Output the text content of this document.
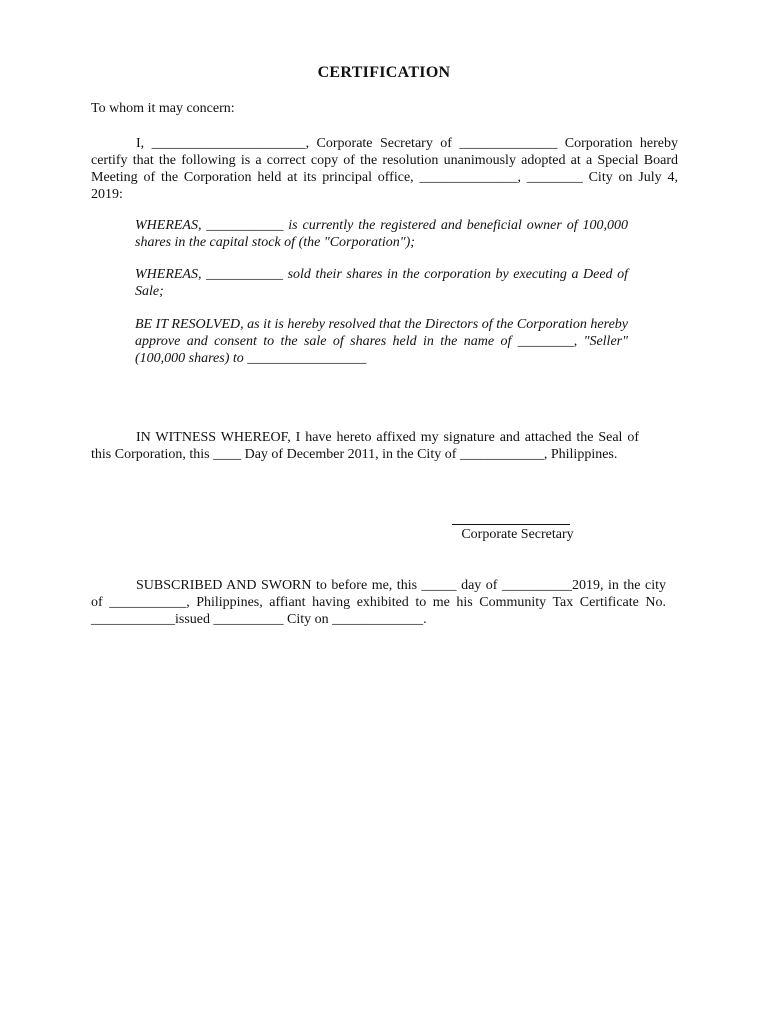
CERTIFICATION
To whom it may concern:
I, ______________________, Corporate Secretary of ______________ Corporation hereby certify that the following is a correct copy of the resolution unanimously adopted at a Special Board Meeting of the Corporation held at its principal office, ______________, ________ City on July 4, 2019:
WHEREAS, ___________ is currently the registered and beneficial owner of 100,000 shares in the capital stock of (the "Corporation");
WHEREAS, ___________ sold their shares in the corporation by executing a Deed of Sale;
BE IT RESOLVED, as it is hereby resolved that the Directors of the Corporation hereby approve and consent to the sale of shares held in the name of ________, "Seller" (100,000 shares) to _________________
IN WITNESS WHEREOF, I have hereto affixed my signature and attached the Seal of this Corporation, this ____ Day of December 2011, in the City of ____________, Philippines.
Corporate Secretary
SUBSCRIBED AND SWORN to before me, this _____ day of __________2019, in the city of ___________, Philippines, affiant having exhibited to me his Community Tax Certificate No. ____________issued __________ City on _____________.
